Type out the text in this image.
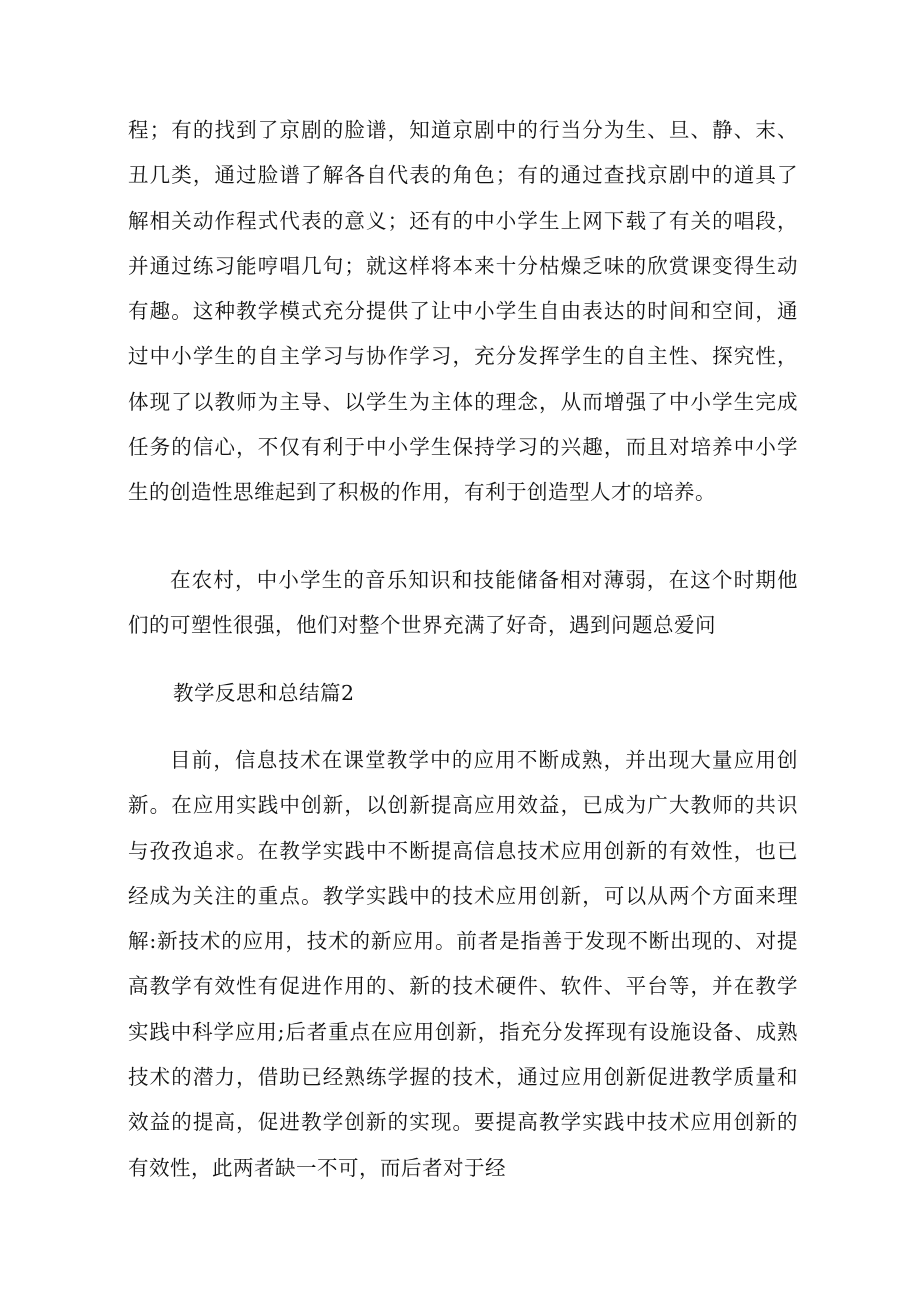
程；有的找到了京剧的脸谱，知道京剧中的行当分为生、旦、静、末、丑几类，通过脸谱了解各自代表的角色；有的通过查找京剧中的道具了解相关动作程式代表的意义；还有的中小学生上网下载了有关的唱段，并通过练习能哼唱几句；就这样将本来十分枯燥乏味的欣赏课变得生动有趣。这种教学模式充分提供了让中小学生自由表达的时间和空间，通过中小学生的自主学习与协作学习，充分发挥学生的自主性、探究性，体现了以教师为主导、以学生为主体的理念，从而增强了中小学生完成任务的信心，不仅有利于中小学生保持学习的兴趣，而且对培养中小学生的创造性思维起到了积极的作用，有利于创造型人才的培养。

在农村，中小学生的音乐知识和技能储备相对薄弱，在这个时期他们的可塑性很强，他们对整个世界充满了好奇，遇到问题总爱问

教学反思和总结篇2

目前，信息技术在课堂教学中的应用不断成熟，并出现大量应用创新。在应用实践中创新，以创新提高应用效益，已成为广大教师的共识与孜孜追求。在教学实践中不断提高信息技术应用创新的有效性，也已经成为关注的重点。教学实践中的技术应用创新，可以从两个方面来理解:新技术的应用，技术的新应用。前者是指善于发现不断出现的、对提高教学有效性有促进作用的、新的技术硬件、软件、平台等，并在教学实践中科学应用;后者重点在应用创新，指充分发挥现有设施设备、成熟技术的潜力，借助已经熟练学握的技术，通过应用创新促进教学质量和效益的提高，促进教学创新的实现。要提高教学实践中技术应用创新的有效性，此两者缺一不可，而后者对于经
